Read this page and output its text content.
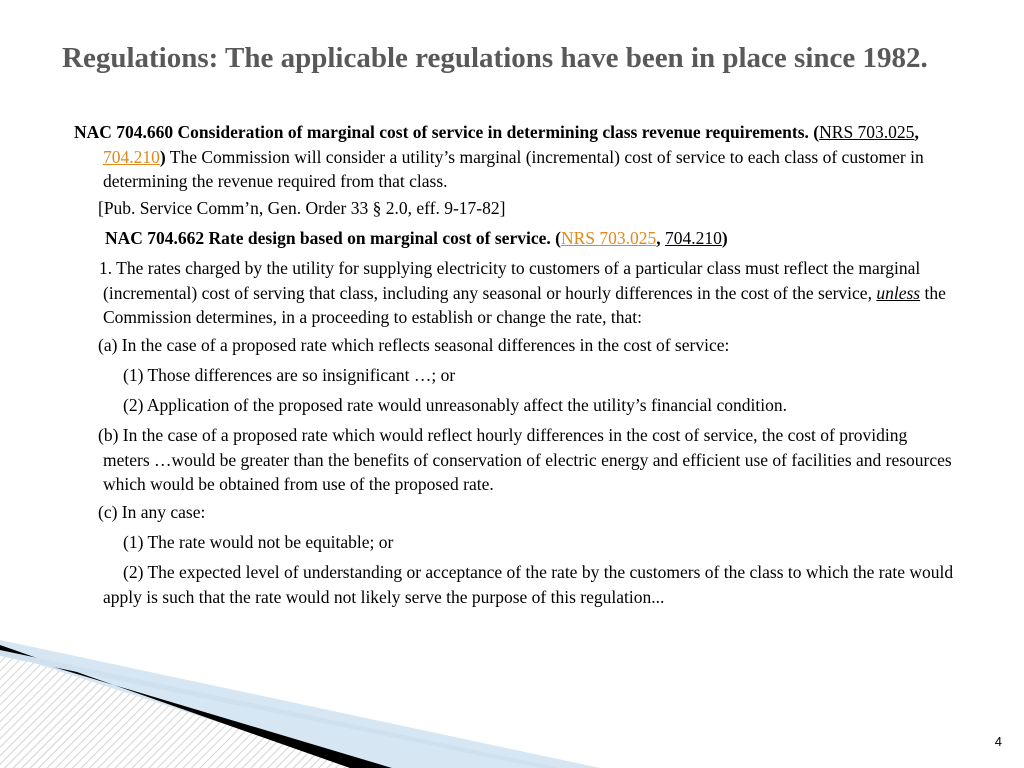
Regulations: The applicable regulations have been in place since 1982.
NAC 704.660 Consideration of marginal cost of service in determining class revenue requirements. (NRS 703.025, 704.210) The Commission will consider a utility’s marginal (incremental) cost of service to each class of customer in determining the revenue required from that class.
[Pub. Service Comm’n, Gen. Order 33 § 2.0, eff. 9-17-82]
NAC 704.662 Rate design based on marginal cost of service. (NRS 703.025, 704.210)
1. The rates charged by the utility for supplying electricity to customers of a particular class must reflect the marginal (incremental) cost of serving that class, including any seasonal or hourly differences in the cost of the service, unless the Commission determines, in a proceeding to establish or change the rate, that:
(a) In the case of a proposed rate which reflects seasonal differences in the cost of service:
(1) Those differences are so insignificant …; or
(2) Application of the proposed rate would unreasonably affect the utility’s financial condition.
(b) In the case of a proposed rate which would reflect hourly differences in the cost of service, the cost of providing meters …would be greater than the benefits of conservation of electric energy and efficient use of facilities and resources which would be obtained from use of the proposed rate.
(c) In any case:
(1) The rate would not be equitable; or
(2) The expected level of understanding or acceptance of the rate by the customers of the class to which the rate would apply is such that the rate would not likely serve the purpose of this regulation...
4
